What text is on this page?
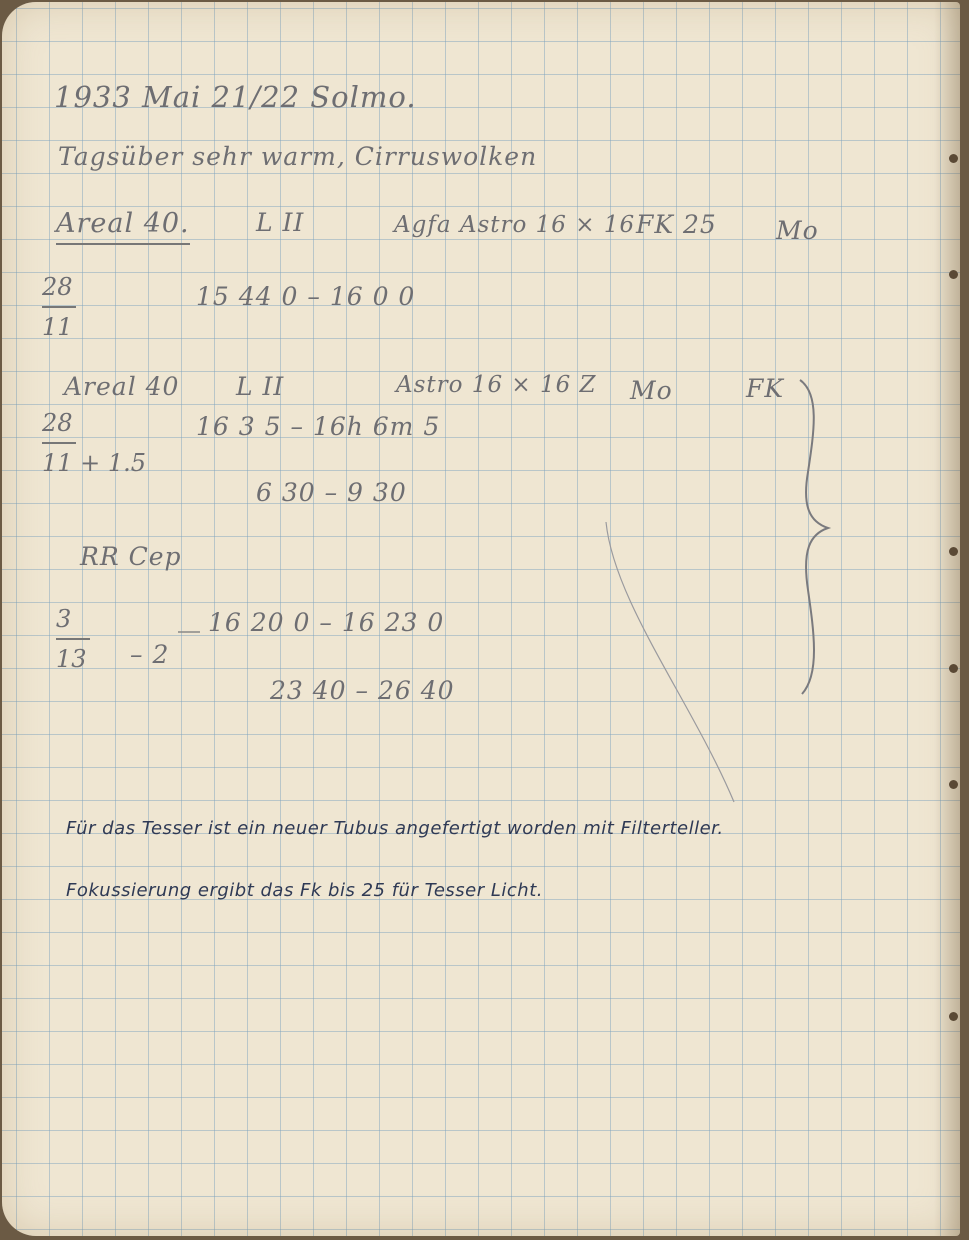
1933 Mai 21/22 Solmo.
Tagsüber sehr warm, Cirruswolken
Areal 40.	L II	Agfa Astro 16 × 16 FK 25 Mo
28
11
15 44 0 – 16 0 0
Areal 40 L II	Astro 16 × 16 Z Mo	FK
28
11 + 1.5
16 3 5 – 16h 6m 5
6 30 – 9 30
RR Cep
3
13 – 2
16 20 0 – 16 23 0
23 40 – 26 40
Für das Tesser ist ein neuer Tubus angefertigt worden mit Filterteller.
Fokussierung ergibt das Fk bis 25 für Tesser Licht.
